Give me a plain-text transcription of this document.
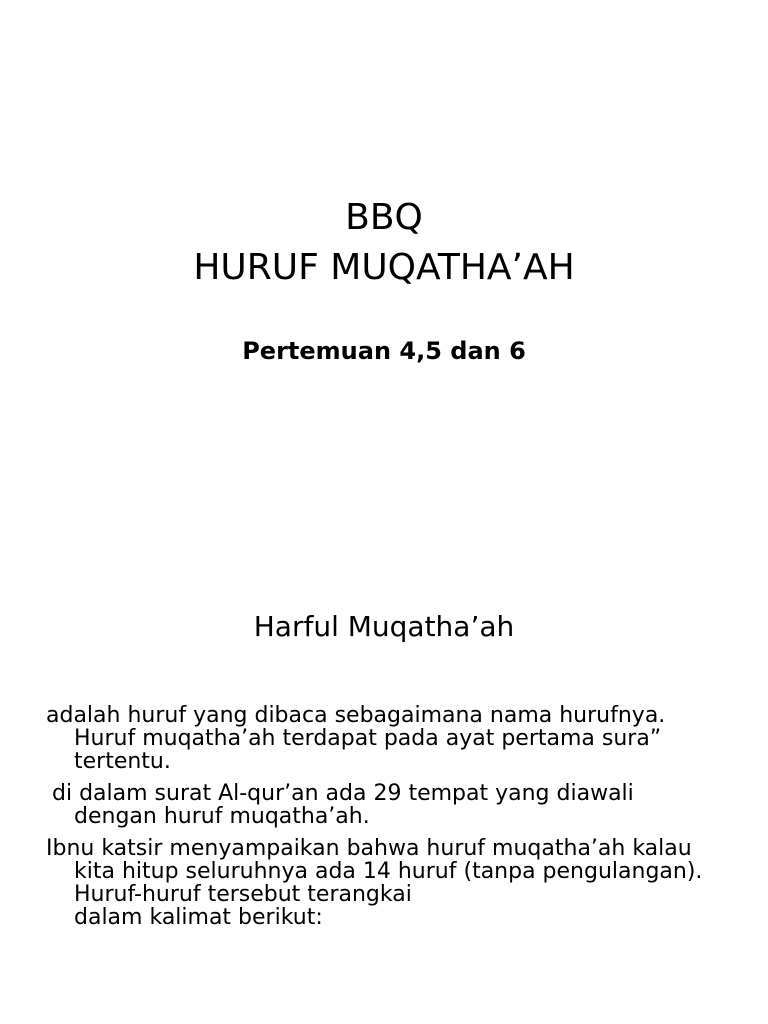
BBQ
HURUF MUQATHA’AH
Pertemuan 4,5 dan 6
Harful Muqatha’ah

adalah huruf yang dibaca sebagaimana nama hurufnya.
Huruf muqatha’ah terdapat pada ayat pertama sura”
tertentu.

di dalam surat Al-qur’an ada 29 tempat yang diawali
dengan huruf muqatha’ah.

Ibnu katsir menyampaikan bahwa huruf muqatha’ah kalau
kita hitup seluruhnya ada 14 huruf (tanpa pengulangan).
Huruf-huruf tersebut terangkai
dalam kalimat berikut:
